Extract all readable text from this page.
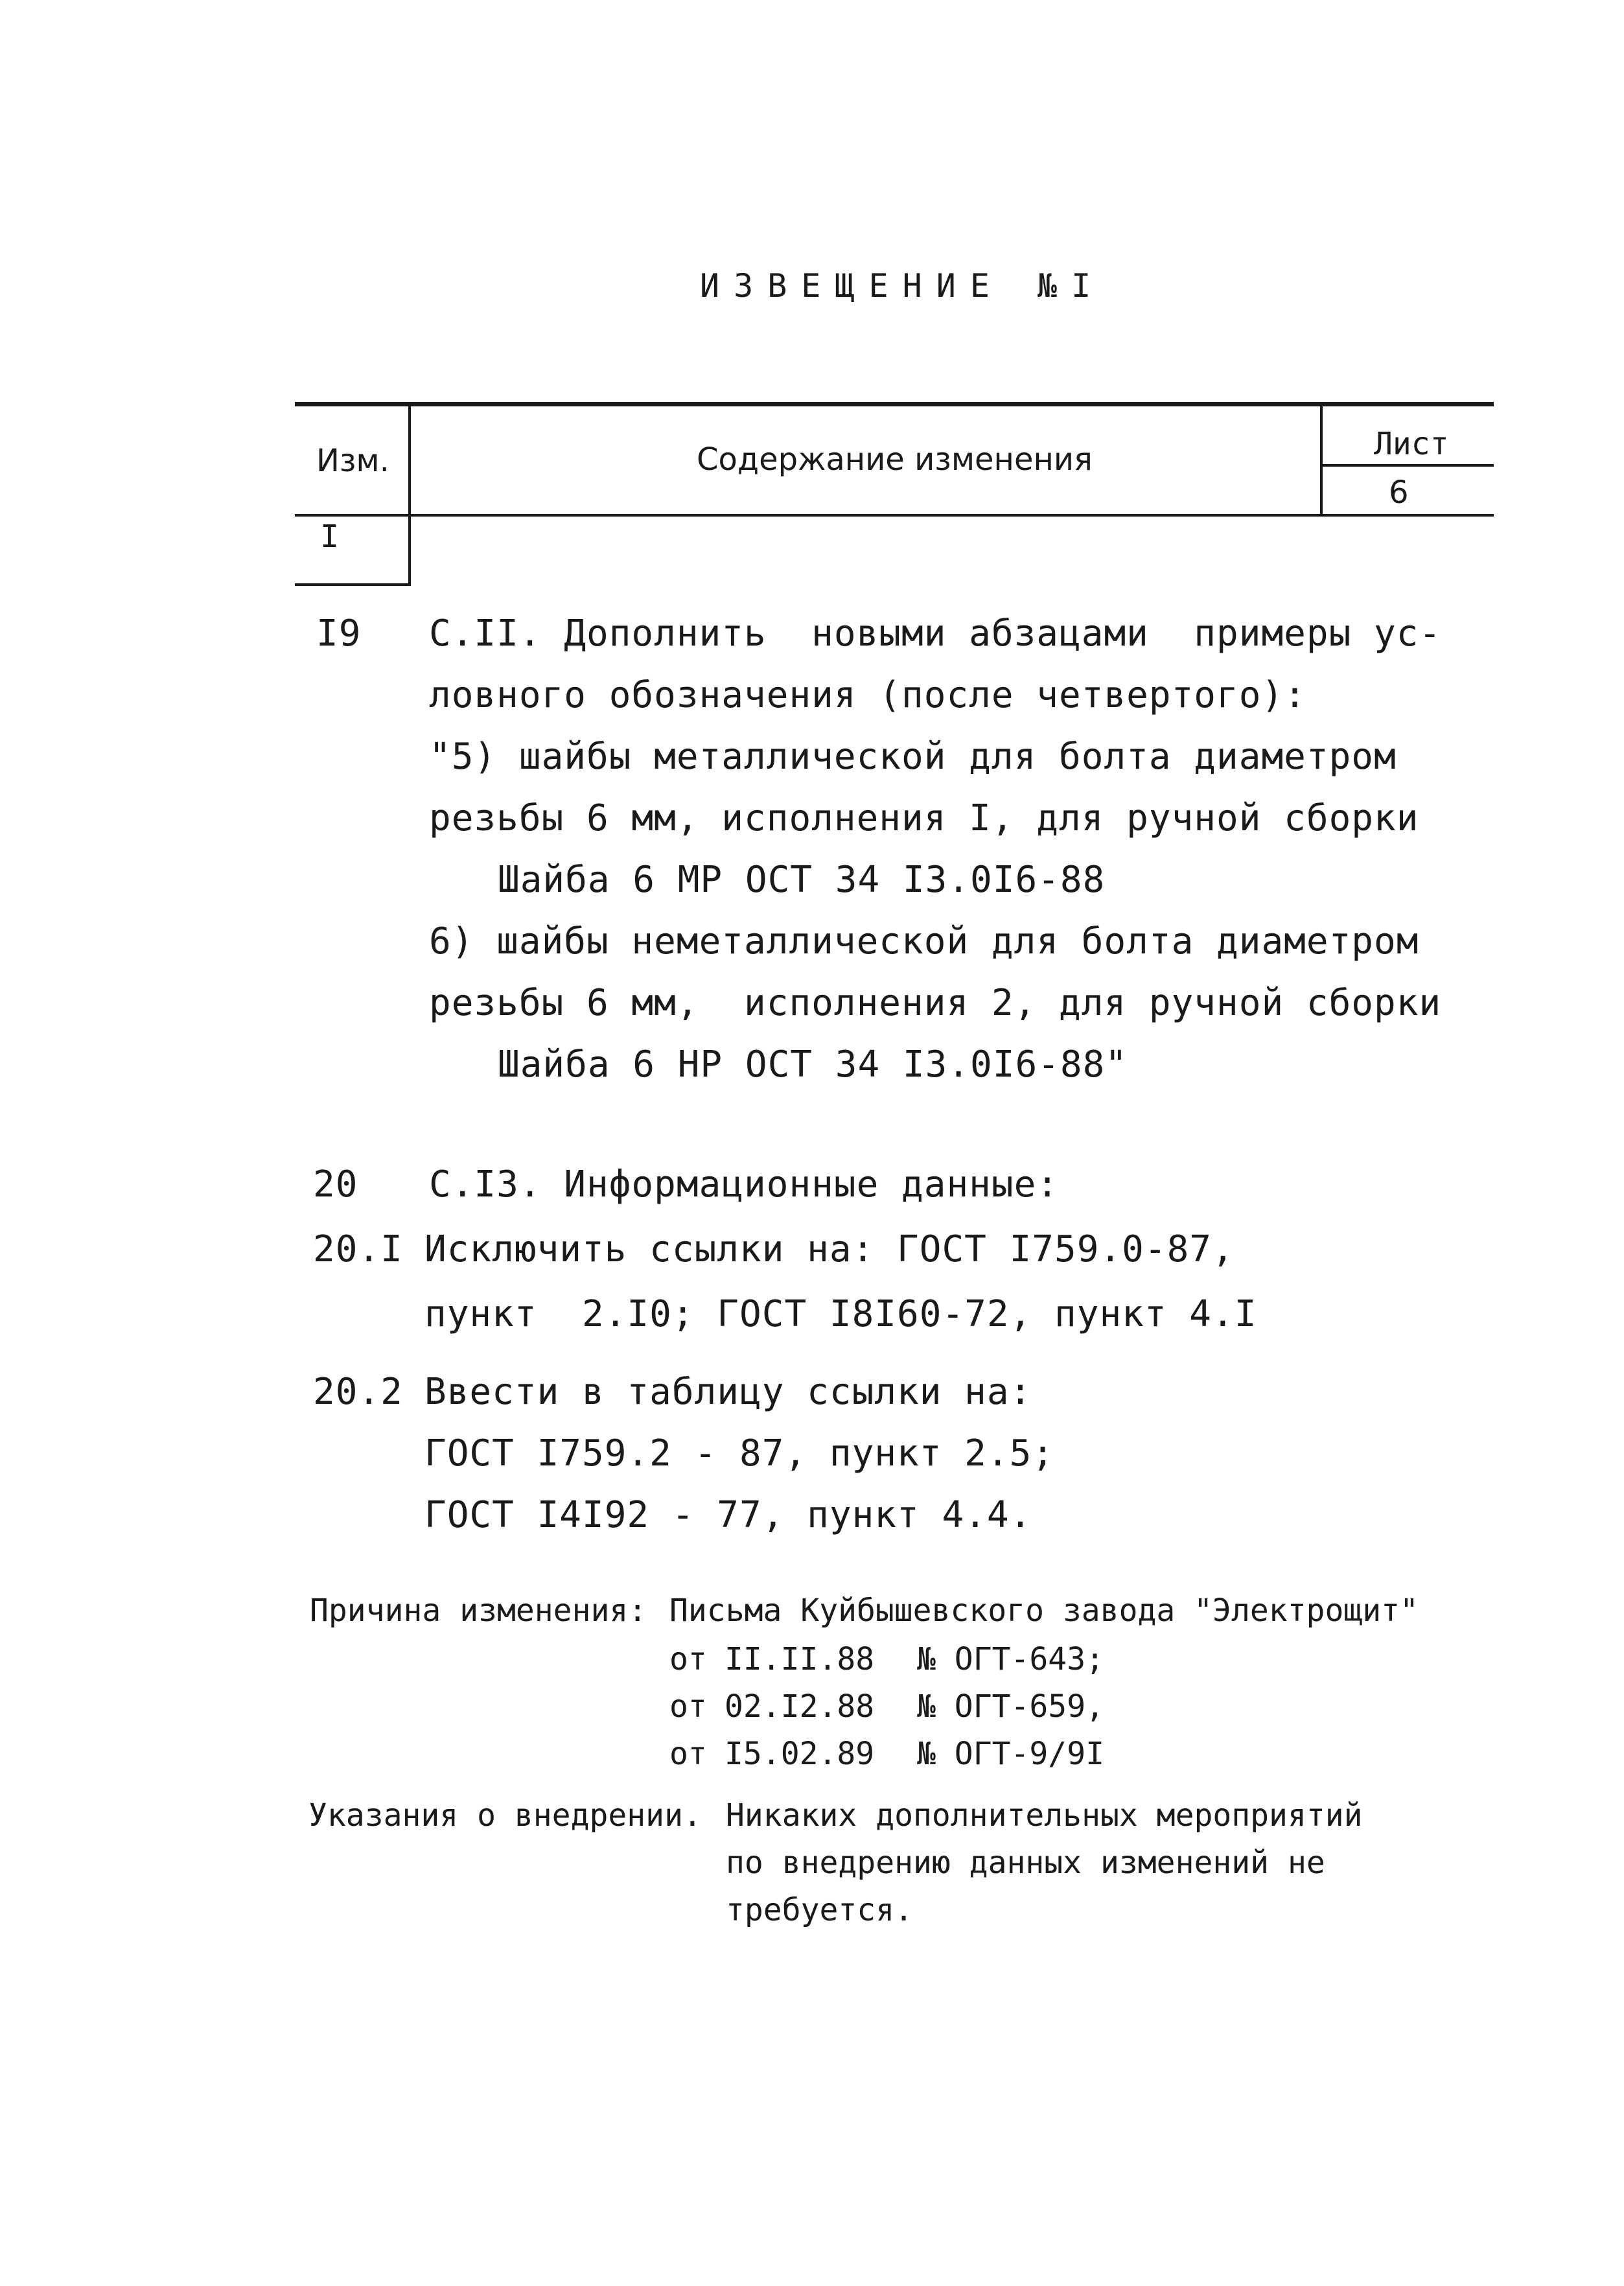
ИЗВЕЩЕНИЕ №I
Изм.	Содержание изменения	Лист
6
I
I9 С.II. Дополнить  новыми абзацами  примеры ус-
ловного обозначения (после четвертого):
"5) шайбы металлической для болта диаметром
резьбы 6 мм, исполнения I, для ручной сборки
Шайба 6 МР ОСТ 34 I3.0I6-88
6) шайбы неметаллической для болта диаметром
резьбы 6 мм,  исполнения 2, для ручной сборки
Шайба 6 НР ОСТ 34 I3.0I6-88"
20 С.I3. Информационные данные:
20.I Исключить ссылки на: ГОСТ I759.0-87,
пункт  2.I0; ГОСТ I8I60-72, пункт 4.I
20.2 Ввести в таблицу ссылки на:
ГОСТ I759.2 - 87, пункт 2.5;
ГОСТ I4I92 - 77, пункт 4.4.
Причина изменения: Письма Куйбышевского завода "Электрощит"
от II.II.88 № ОГТ-643;
от 02.I2.88 № ОГТ-659,
от I5.02.89 № ОГТ-9/9I
Указания о внедрении. Никаких дополнительных мероприятий
по внедрению данных изменений не
требуется.
